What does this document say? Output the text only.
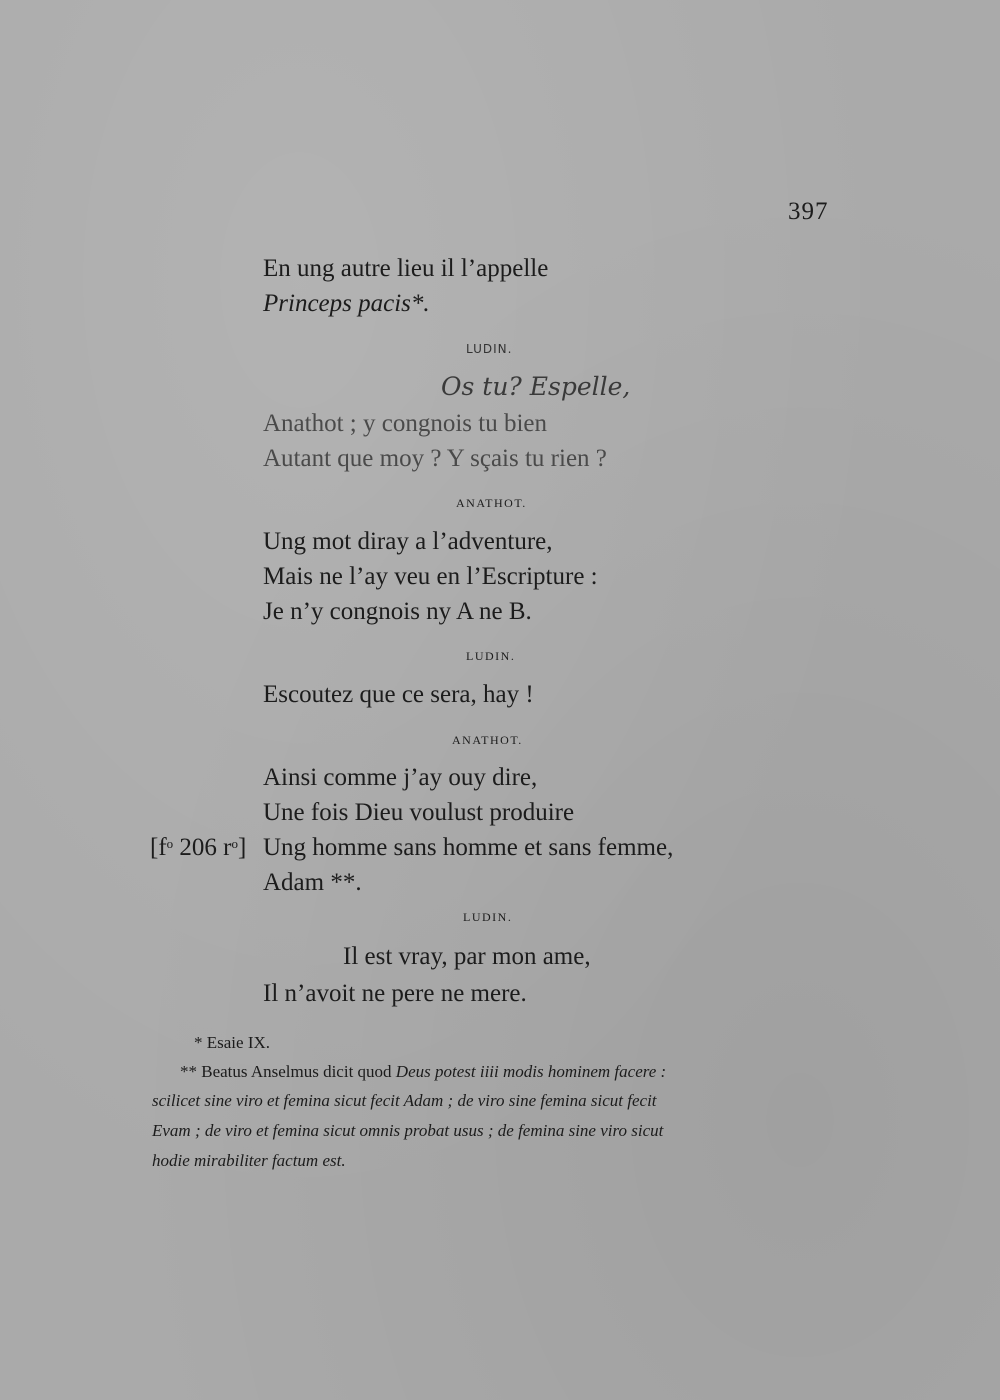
397
En ung autre lieu il l’appelle
Princeps pacis*.
LUDIN.
Os tu? Espelle,
Anathot ; y congnois tu bien
Autant que moy ? Y sçais tu rien ?
ANATHOT.
Ung mot diray a l’adventure,
Mais ne l’ay veu en l’Escripture :
Je n’y congnois ny A ne B.
LUDIN.
Escoutez que ce sera, hay !
ANATHOT.
Ainsi comme j’ay ouy dire,
Une fois Dieu voulust produire
[$f^o$ 206 $r^o$] Ung homme sans homme et sans femme,
Adam **.
LUDIN.
Il est vray, par mon ame,
Il n’avoit ne pere ne mere.
* Esaie IX.
** Beatus Anselmus dicit quod Deus potest iiii modis hominem facere :
scilicet sine viro et femina sicut fecit Adam ; de viro sine femina sicut fecit
Evam ; de viro et femina sicut omnis probat usus ; de femina sine viro sicut
hodie mirabiliter factum est.
